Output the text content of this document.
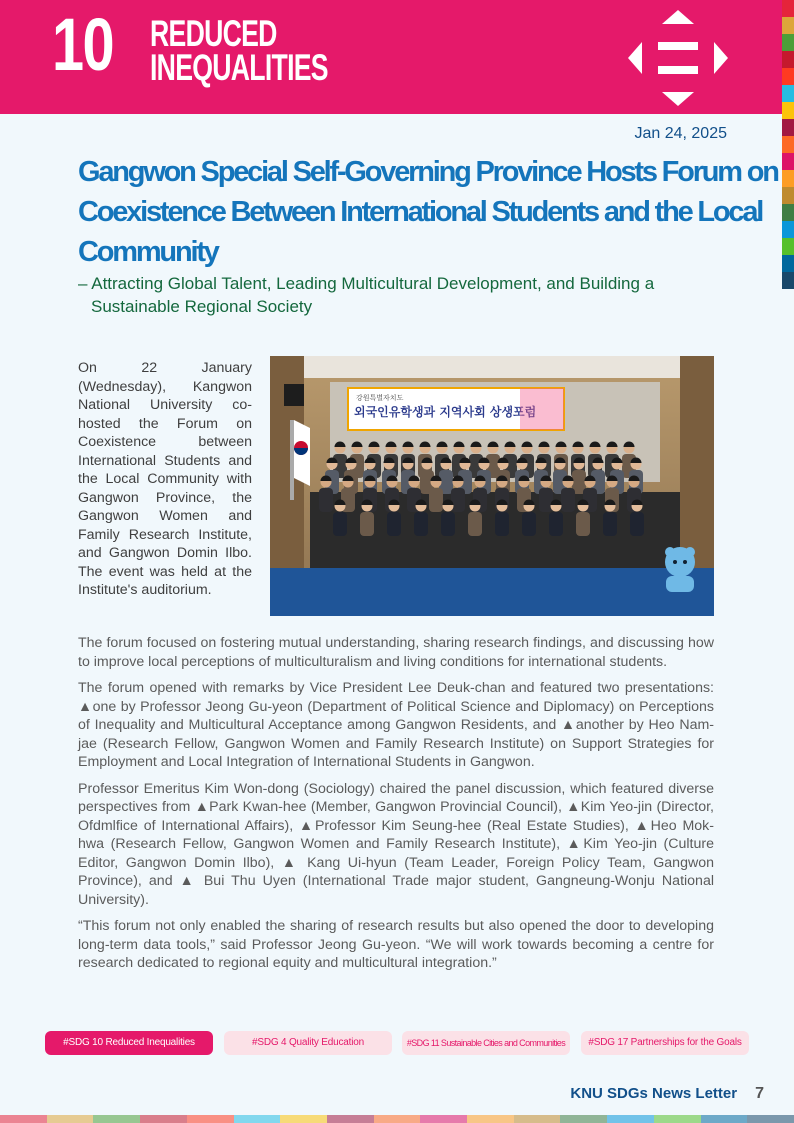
10 REDUCED
INEQUALITIES
Jan 24, 2025
Gangwon Special Self-Governing Province Hosts Forum on Coexistence Between International Students and the Local Community
– Attracting Global Talent, Leading Multicultural Development, and Building a Sustainable Regional Society
On 22 January (Wednesday), Kangwon National University co-hosted the Forum on Coexistence between International Students and the Local Community with Gangwon Province, the Gangwon Women and Family Research Institute, and Gangwon Domin Ilbo. The event was held at the Institute's auditorium.
강원특별자치도
외국인유학생과 지역사회 상생포럼

The forum focused on fostering mutual understanding, sharing research findings, and discussing how to improve local perceptions of multiculturalism and living conditions for international students.

The forum opened with remarks by Vice President Lee Deuk-chan and featured two presentations: ▲one by Professor Jeong Gu-yeon (Department of Political Science and Diplomacy) on Perceptions of Inequality and Multicultural Acceptance among Gangwon Residents, and ▲another by Heo Nam-jae (Research Fellow, Gangwon Women and Family Research Institute) on Support Strategies for Employment and Local Integration of International Students in Gangwon.

Professor Emeritus Kim Won-dong (Sociology) chaired the panel discussion, which featured diverse perspectives from ▲Park Kwan-hee (Member, Gangwon Provincial Council), ▲Kim Yeo-jin (Director, Ofdmlfice of International Affairs), ▲Professor Kim Seung-hee (Real Estate Studies), ▲Heo Mok-hwa (Research Fellow, Gangwon Women and Family Research Institute), ▲Kim Yeo-jin (Culture Editor, Gangwon Domin Ilbo), ▲ Kang Ui-hyun (Team Leader, Foreign Policy Team, Gangwon Province), and ▲ Bui Thu Uyen (International Trade major student, Gangneung-Wonju National University).

“This forum not only enabled the sharing of research results but also opened the door to developing long-term data tools,” said Professor Jeong Gu-yeon. “We will work towards becoming a centre for research dedicated to regional equity and multicultural integration.”

#SDG 10 Reduced Inequalities	#SDG 4 Quality Education	#SDG 11 Sustainable Cities and Communities	#SDG 17 Partnerships for the Goals
KNU SDGs News Letter 7
